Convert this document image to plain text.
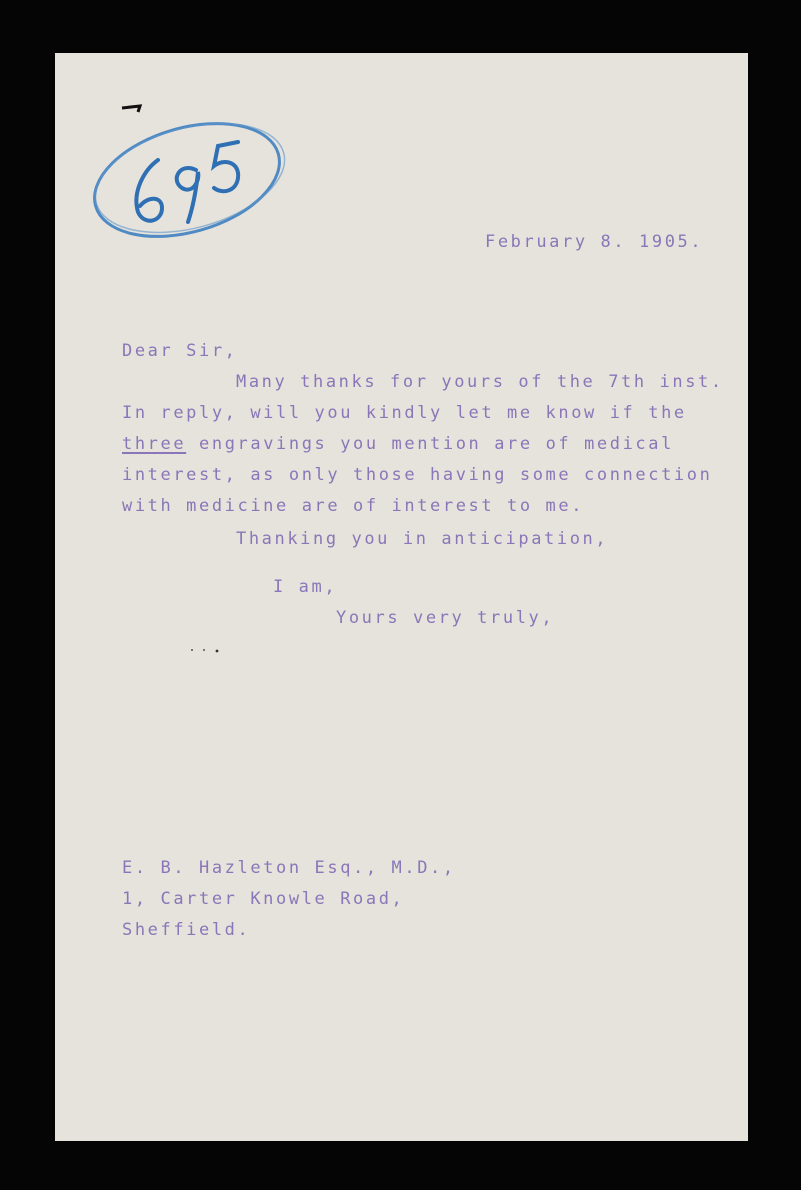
February 8. 1905.
Dear Sir,
Many thanks for yours of the 7th inst.
In reply, will you kindly let me know if the
three engravings you mention are of medical
interest, as only those having some connection
with medicine are of interest to me.
Thanking you in anticipation,
I am,
Yours very truly,
E. B. Hazleton Esq., M.D.,
1, Carter Knowle Road,
Sheffield.
